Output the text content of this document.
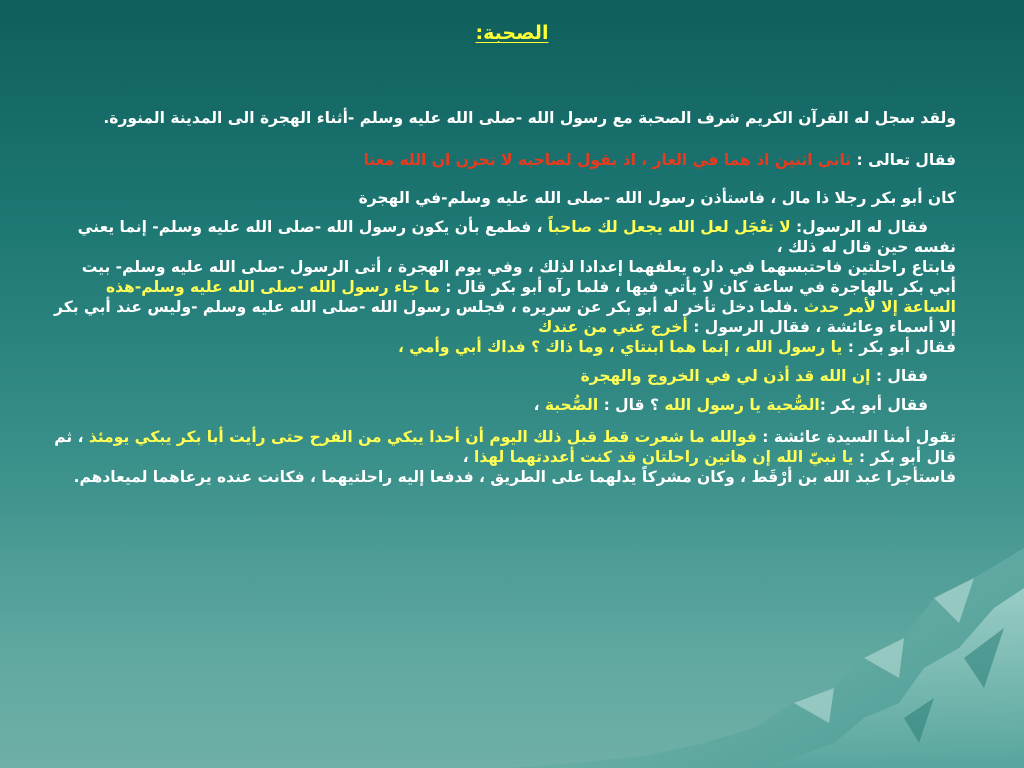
الصحبة:

ولقد سجل له القرآن الكريم شرف الصحبة مع رسول الله -صلى الله عليه وسلم -أثناء الهجرة الى المدينة المنورة.

فقال تعالى : ثاني اثنين اذ هما في الغار ، اذ يقول لصاحبه لا تحزن ان الله معنا

كان أبو بكر رجلا ذا مال ، فاستأذن رسول الله -صلى الله عليه وسلم-في الهجرة

فقال له الرسول: لا تعْجَل لعل الله يجعل لك صاحباً ، فطمع بأن يكون رسول الله -صلى الله عليه وسلم- إنما يعني نفسه حين قال له ذلك ،

فابتاع راحلتين فاحتبسهما في داره يعلفهما إعدادا لذلك ، وفي يوم الهجرة ، أتى الرسول -صلى الله عليه وسلم- بيت أبي بكر بالهاجرة في ساعة كان لا يأتي فيها ، فلما رآه أبو بكر قال : ما جاء رسول الله -صلى الله عليه وسلم-هذه الساعة إلا لأمر حدث .فلما دخل تأخر له أبو بكر عن سريره ، فجلس رسول الله -صلى الله عليه وسلم -وليس عند أبي بكر إلا أسماء وعائشة ، فقال الرسول : أخرج عني من عندك

فقال أبو بكر : يا رسول الله ، إنما هما ابنتاي ، وما ذاك ؟ فداك أبي وأمي ،

فقال : إن الله قد أذن لي في الخروج والهجرة

فقال أبو بكر :الصُّحبة يا رسول الله ؟ قال : الصُّحبة ،

تقول أمنا السيدة عائشة : فوالله ما شعرت قط قبل ذلك اليوم أن أحدا يبكي من الفرح حتى رأيت أبا بكر يبكي يومئذ ، ثم قال أبو بكر : يا نبيّ الله إن هاتين راحلتان قد كنت أعددتهما لهذا ،

فاستأجرا عبد الله بن أرْقَط ، وكان مشركاً يدلهما على الطريق ، فدفعا إليه راحلتيهما ، فكانت عنده يرعاهما لميعادهم.
